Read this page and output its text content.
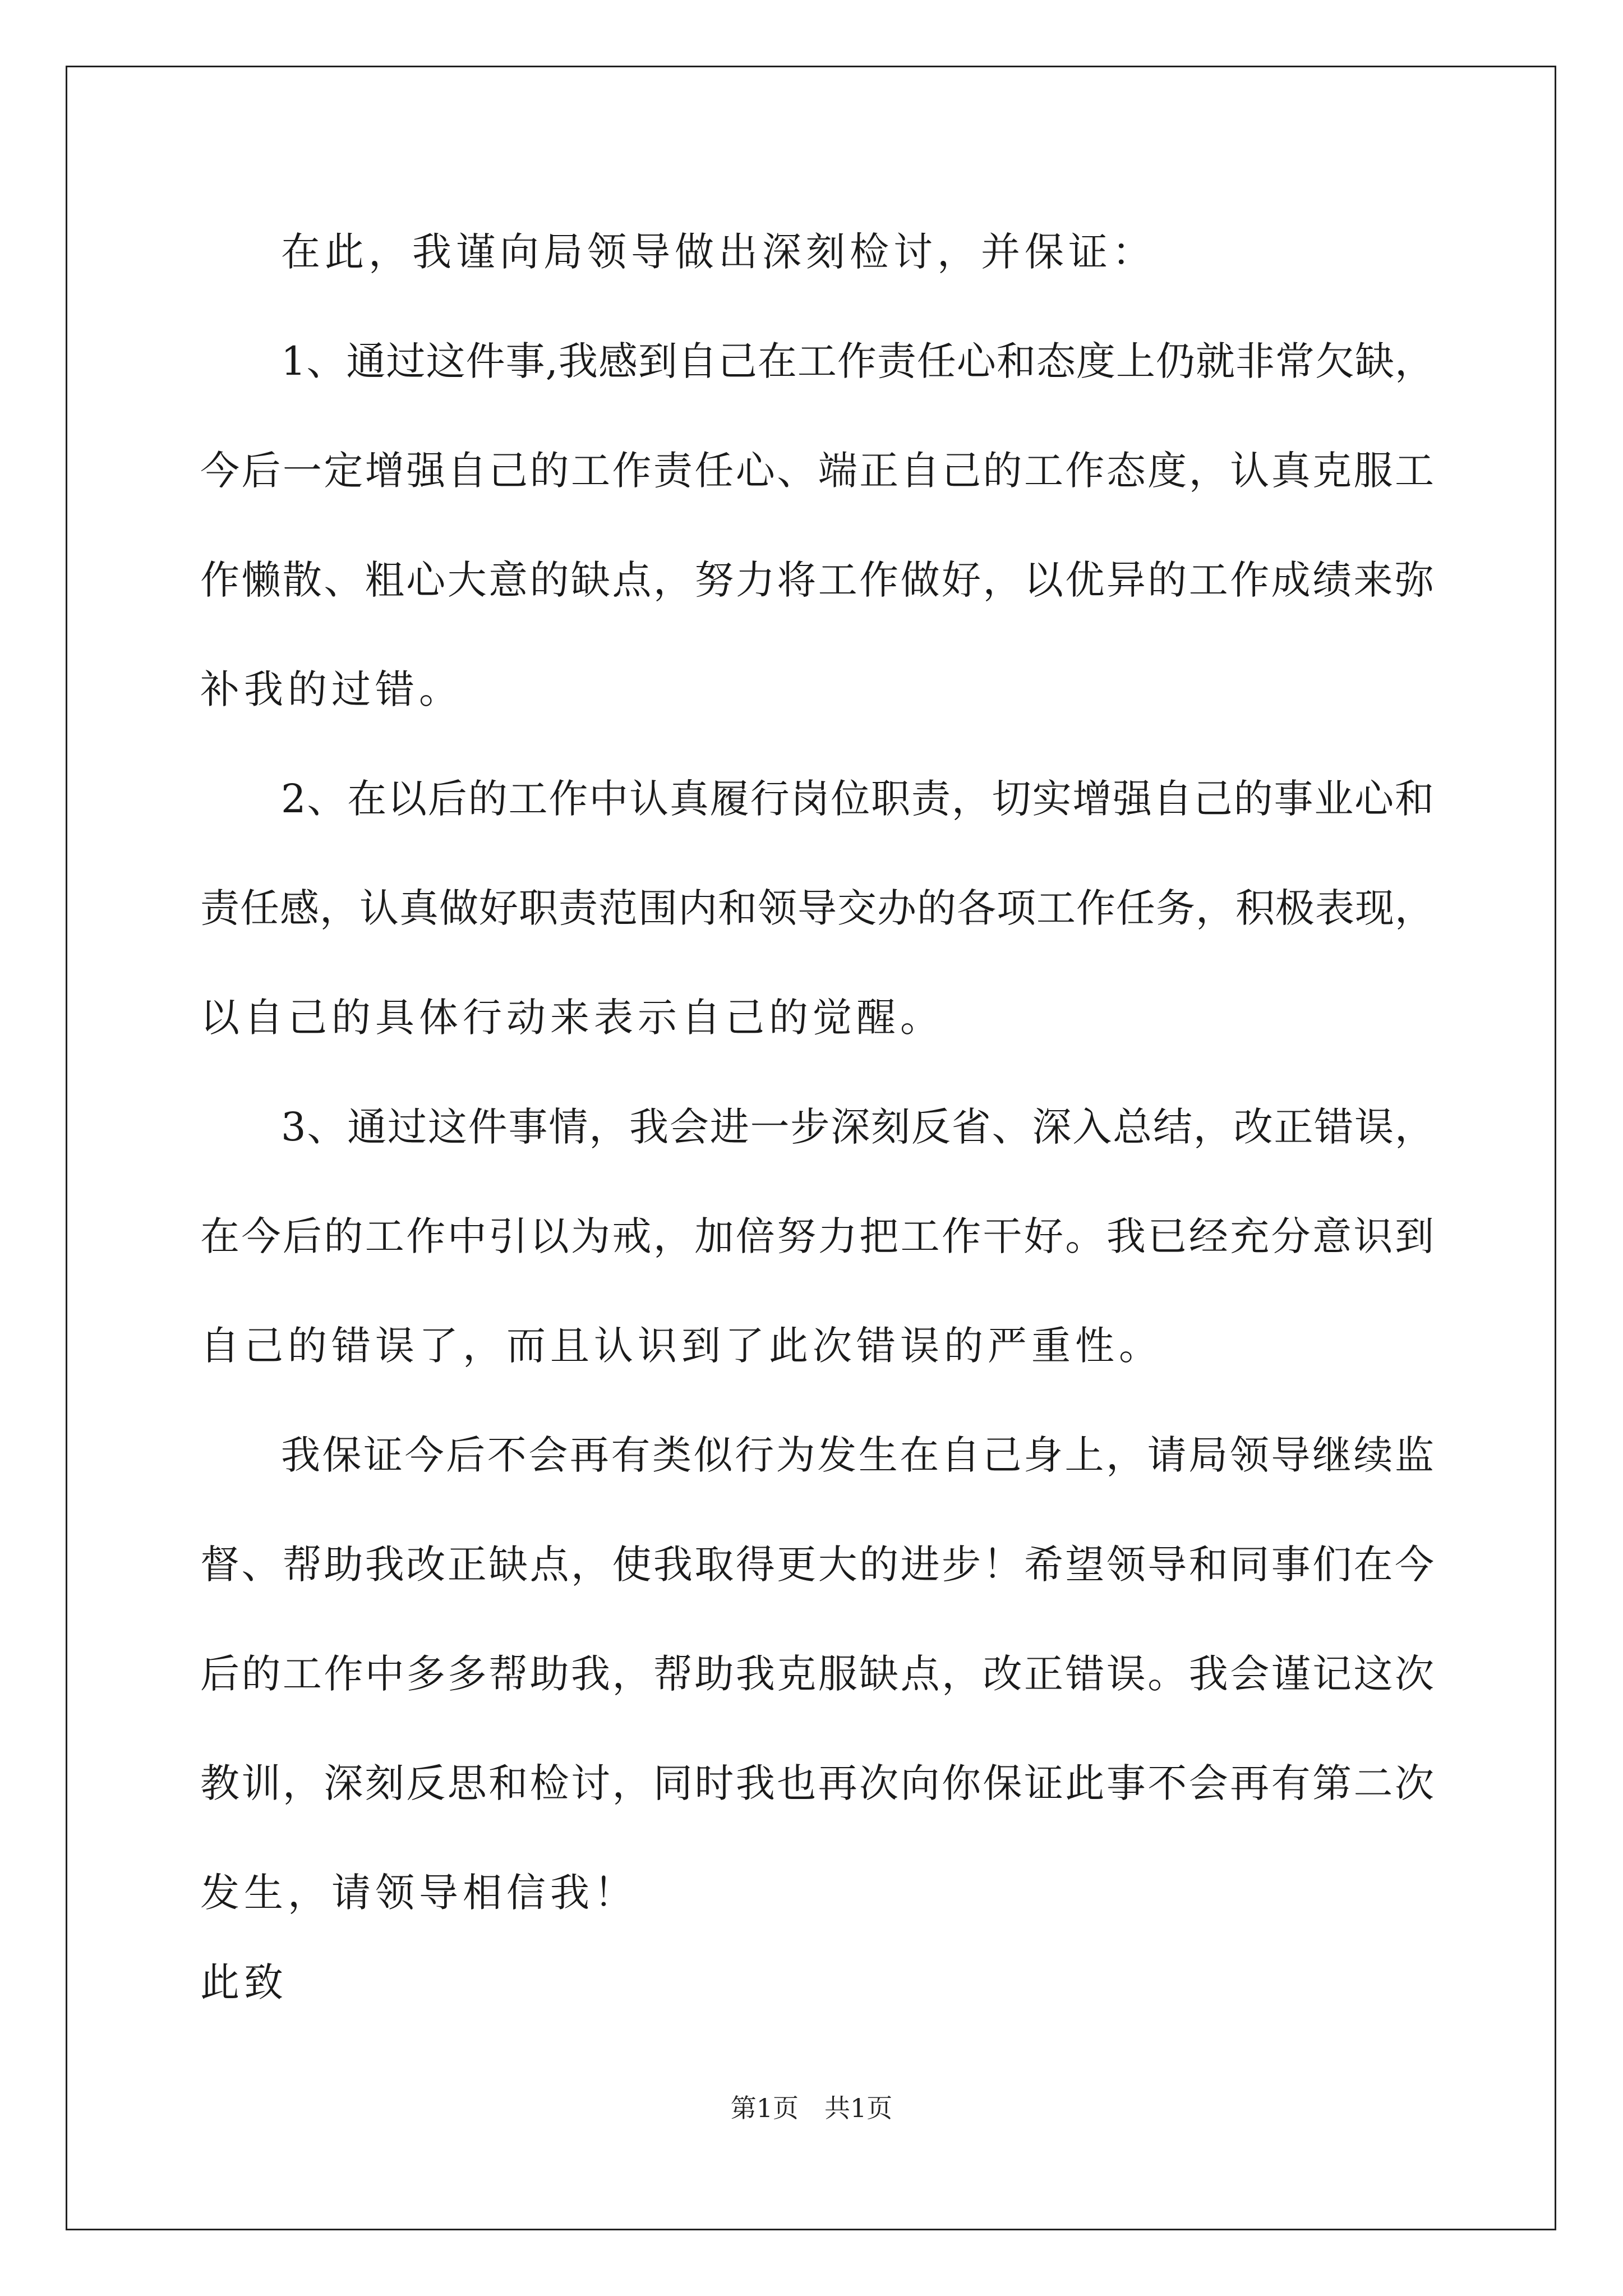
在此，我谨向局领导做出深刻检讨，并保证：
1、通过这件事,我感到自己在工作责任心和态度上仍就非常欠缺，
今后一定增强自己的工作责任心、端正自己的工作态度，认真克服工
作懒散、粗心大意的缺点，努力将工作做好，以优异的工作成绩来弥
补我的过错。
2、在以后的工作中认真履行岗位职责，切实增强自己的事业心和
责任感，认真做好职责范围内和领导交办的各项工作任务，积极表现，
以自己的具体行动来表示自己的觉醒。
3、通过这件事情，我会进一步深刻反省、深入总结，改正错误，
在今后的工作中引以为戒，加倍努力把工作干好。我已经充分意识到
自己的错误了，而且认识到了此次错误的严重性。
我保证今后不会再有类似行为发生在自己身上，请局领导继续监
督、帮助我改正缺点，使我取得更大的进步！希望领导和同事们在今
后的工作中多多帮助我，帮助我克服缺点，改正错误。我会谨记这次
教训，深刻反思和检讨，同时我也再次向你保证此事不会再有第二次
发生，请领导相信我！
此致
第1页　共1页
